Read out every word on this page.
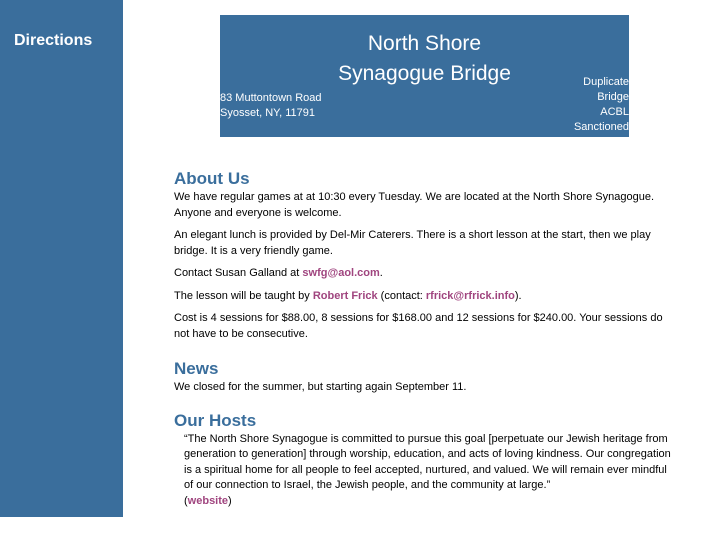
Directions	North Shore
Synagogue Bridge
83 Muttontown Road
Syosset, NY, 11791
Duplicate
Bridge
ACBL
Sanctioned
About Us

We have regular games at at 10:30 every Tuesday. We are located at the North Shore Synagogue. Anyone and everyone is welcome.

An elegant lunch is provided by Del-Mir Caterers. There is a short lesson at the start, then we play bridge. It is a very friendly game.

Contact Susan Galland at swfg@aol.com.

The lesson will be taught by Robert Frick (contact: rfrick@rfrick.info).

Cost is 4 sessions for $88.00, 8 sessions for $168.00 and 12 sessions for $240.00. Your sessions do not have to be consecutive.

News

We closed for the summer, but starting again September 11.

Our Hosts
“The North Shore Synagogue is committed to pursue this goal [perpetuate our Jewish heritage from generation to generation] through worship, education, and acts of loving kindness. Our congregation is a spiritual home for all people to feel accepted, nurtured, and valued. We will remain ever mindful of our connection to Israel, the Jewish people, and the community at large.”
(website)
